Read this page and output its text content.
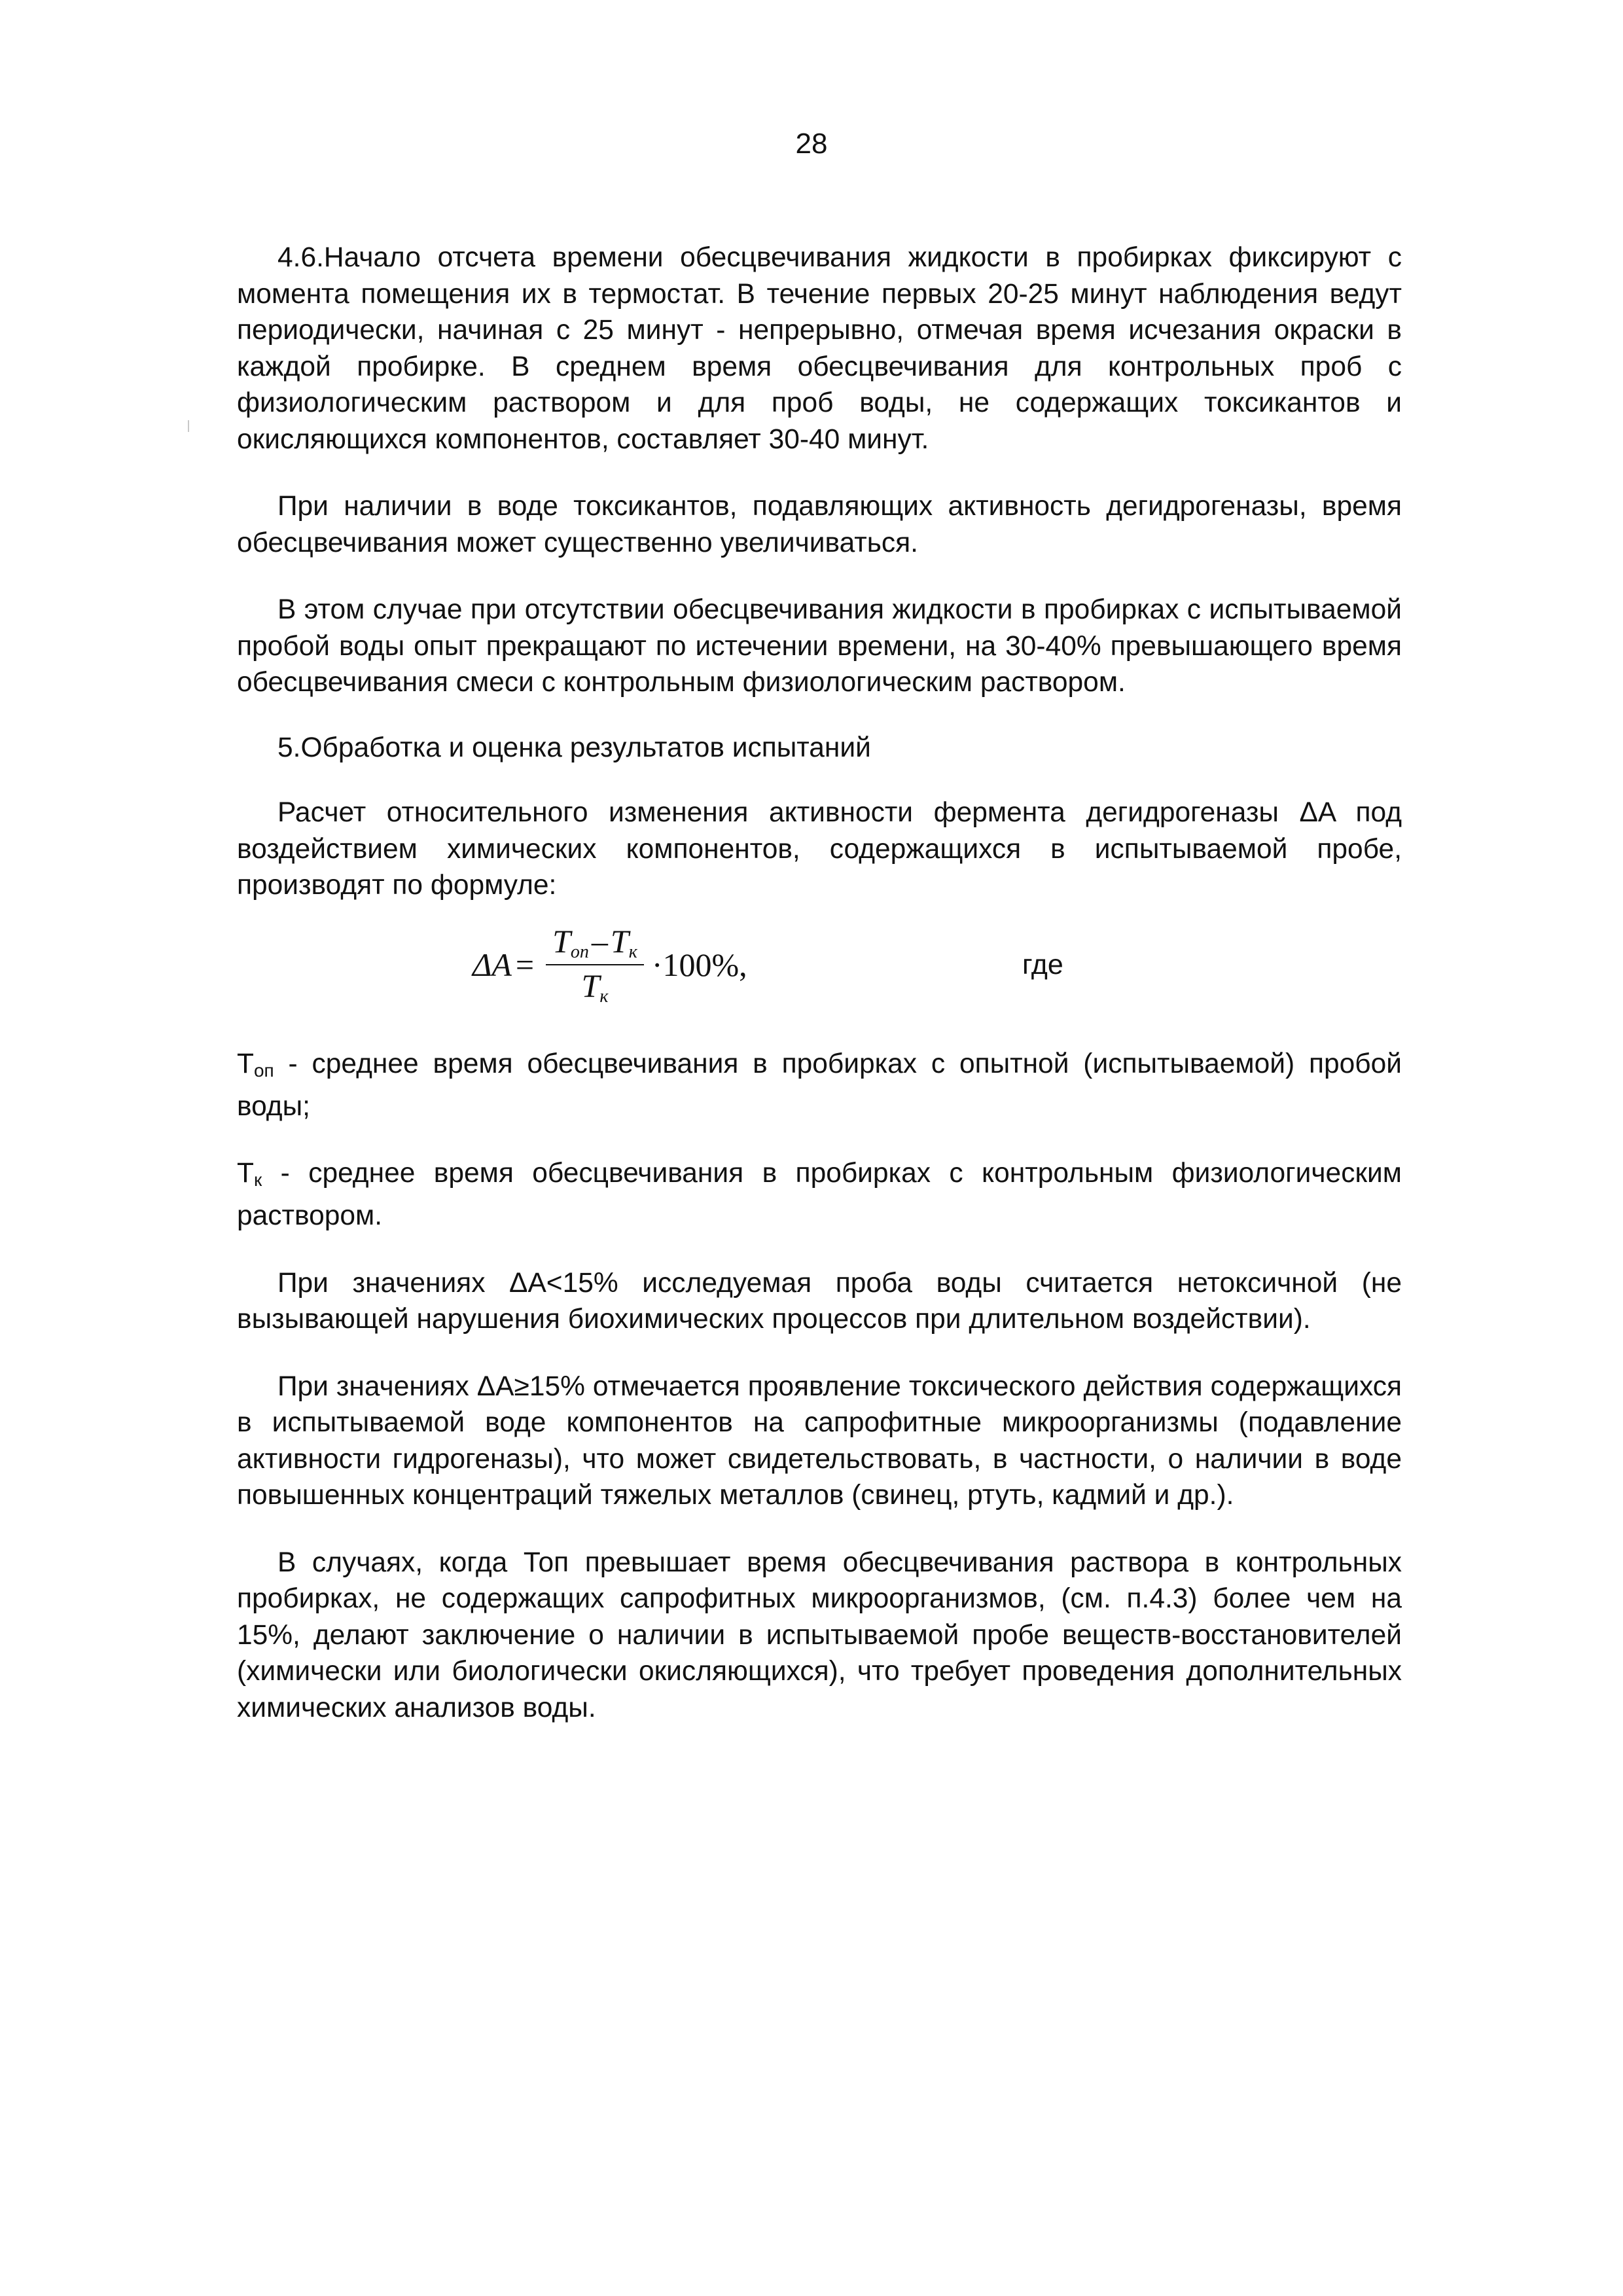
28

4.6.Начало отсчета времени обесцвечивания жидкости в пробирках фиксируют с момента помещения их в термостат. В течение первых 20-25 минут наблюдения ведут периодически, начиная с 25 минут - непрерывно, отмечая время исчезания окраски в каждой пробирке. В среднем время обесцвечивания для контрольных проб с физиологическим раствором и для проб воды, не содержащих токсикантов и окисляющихся компонентов, составляет 30-40 минут.

При наличии в воде токсикантов, подавляющих активность дегидрогеназы, время обесцвечивания может существенно увеличиваться.

В этом случае при отсутствии обесцвечивания жидкости в пробирках с испытываемой пробой воды опыт прекращают по истечении времени, на 30-40% превышающего время обесцвечивания смеси с контрольным физиологическим раствором.

5.Обработка и оценка результатов испытаний

Расчет относительного изменения активности фермента дегидрогеназы ΔA под воздействием химических компонентов, содержащихся в испытываемой пробе, производят по формуле:

$\Delta A = \frac{T_{оп}-T_к}{T_к} \cdot 100\%$,	где

$T_{оп}$ - среднее время обесцвечивания в пробирках с опытной (испытываемой) пробой воды;

$T_к$ - среднее время обесцвечивания в пробирках с контрольным физиологическим раствором.

При значениях ΔA<15% исследуемая проба воды считается нетоксичной (не вызывающей нарушения биохимических процессов при длительном воздействии).

При значениях ΔA≥15% отмечается проявление токсического действия содержащихся в испытываемой воде компонентов на сапрофитные микроорганизмы (подавление активности гидрогеназы), что может свидетельствовать, в частности, о наличии в воде повышенных концентраций тяжелых металлов (свинец, ртуть, кадмий и др.).

В случаях, когда Топ превышает время обесцвечивания раствора в контрольных пробирках, не содержащих сапрофитных микроорганизмов, (см. п.4.3) более чем на 15%, делают заключение о наличии в испытываемой пробе веществ-восстановителей (химически или биологически окисляющихся), что требует проведения дополнительных химических анализов воды.
